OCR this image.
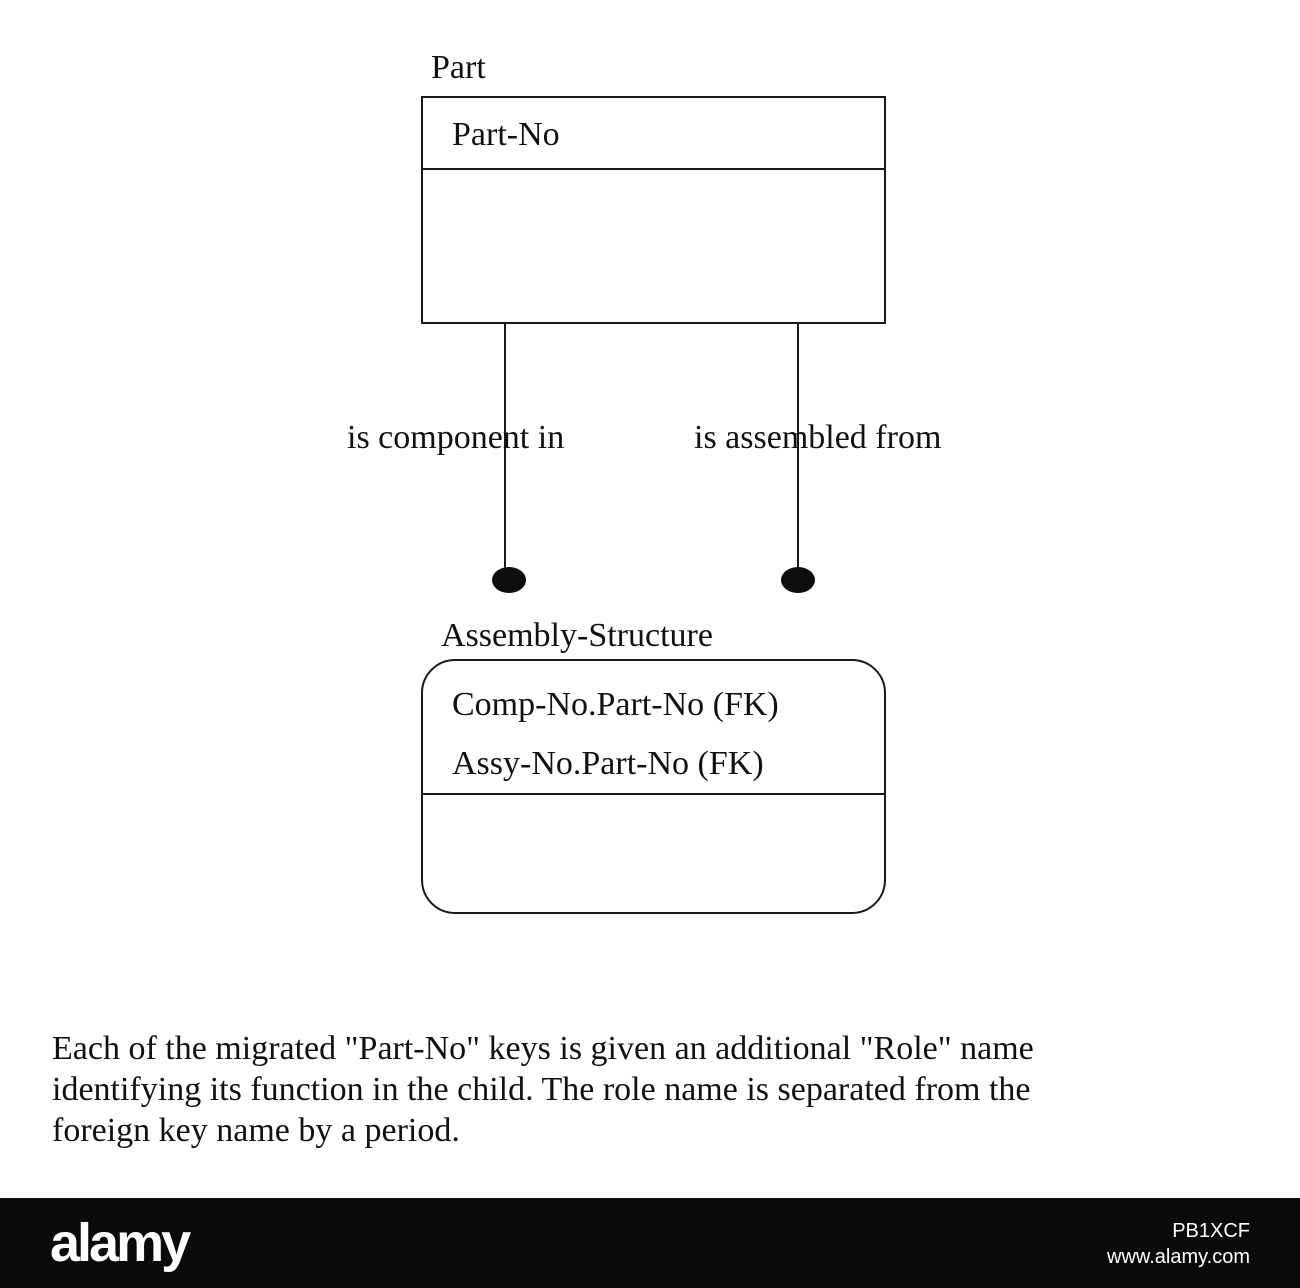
Part
Part-No
is component in	is assembled from
Assembly-Structure
Comp-No.Part-No (FK)
Assy-No.Part-No (FK)
Each of the migrated "Part-No" keys is given an additional "Role" name
identifying its function in the child. The role name is separated from the
foreign key name by a period.
alamy	PB1XCF
www.alamy.com
